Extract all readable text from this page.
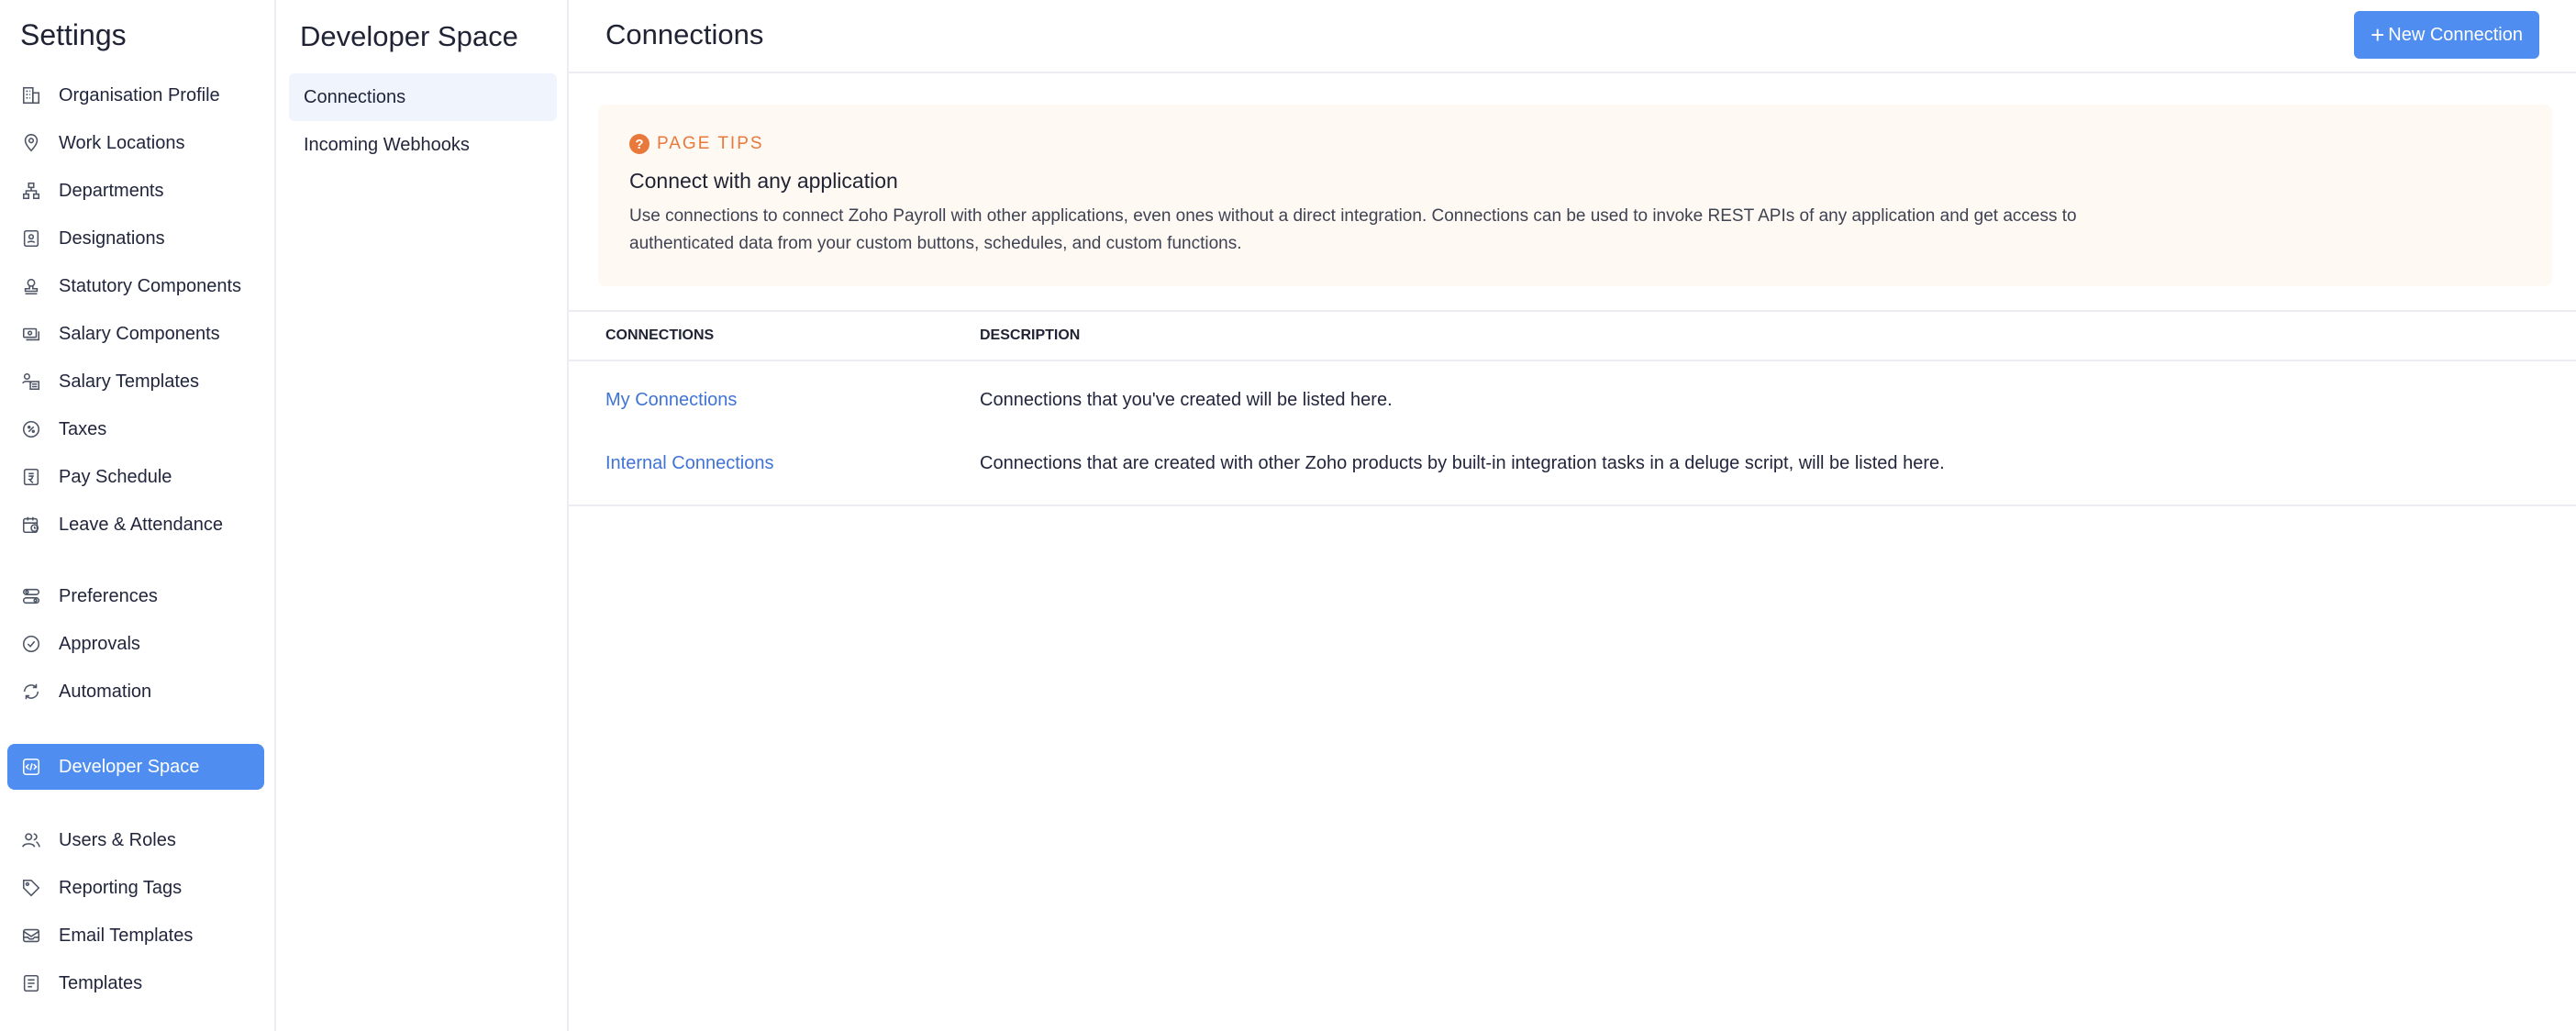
Settings
Organisation Profile
Work Locations
Departments
Designations
Statutory Components
Salary Components
Salary Templates
Taxes
Pay Schedule
Leave & Attendance
Preferences
Approvals
Automation
Developer Space
Users & Roles
Reporting Tags
Email Templates
Templates
Developer Space
Connections
Incoming Webhooks
Connections	+ New Connection
? PAGE TIPS
Connect with any application
Use connections to connect Zoho Payroll with other applications, even ones without a direct integration. Connections can be used to invoke REST APIs of any application and get access to authenticated data from your custom buttons, schedules, and custom functions.
CONNECTIONS	DESCRIPTION
My Connections	Connections that you've created will be listed here.
Internal Connections	Connections that are created with other Zoho products by built-in integration tasks in a deluge script, will be listed here.
